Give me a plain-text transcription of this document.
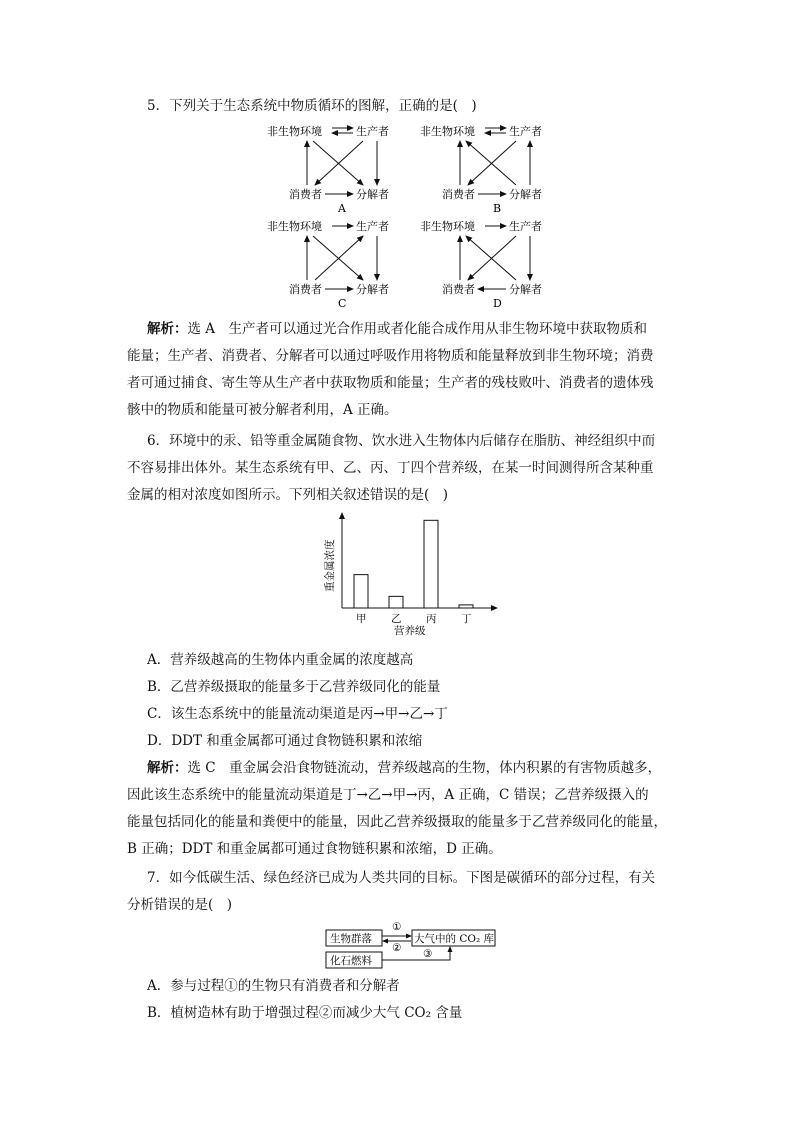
5．下列关于生态系统中物质循环的图解，正确的是(　)
非生物环境	生产者
消费者	分解者
A
非生物环境	生产者
消费者	分解者
B
非生物环境	生产者
消费者	分解者
C
非生物环境	生产者
消费者	分解者
D
解析：选 A　生产者可以通过光合作用或者化能合成作用从非生物环境中获取物质和
能量；生产者、消费者、分解者可以通过呼吸作用将物质和能量释放到非生物环境；消费
者可通过捕食、寄生等从生产者中获取物质和能量；生产者的残枝败叶、消费者的遗体残
骸中的物质和能量可被分解者利用，A 正确。
6．环境中的汞、铅等重金属随食物、饮水进入生物体内后储存在脂肪、神经组织中而
不容易排出体外。某生态系统有甲、乙、丙、丁四个营养级，在某一时间测得所含某种重
金属的相对浓度如图所示。下列相关叙述错误的是(　)
重金属浓度
甲 乙 丙 丁
营养级
A．营养级越高的生物体内重金属的浓度越高
B．乙营养级摄取的能量多于乙营养级同化的能量
C．该生态系统中的能量流动渠道是丙→甲→乙→丁
D．DDT 和重金属都可通过食物链积累和浓缩
解析：选 C　重金属会沿食物链流动，营养级越高的生物，体内积累的有害物质越多，
因此该生态系统中的能量流动渠道是丁→乙→甲→丙，A 正确，C 错误；乙营养级摄入的
能量包括同化的能量和粪便中的能量，因此乙营养级摄取的能量多于乙营养级同化的能量，
B 正确；DDT 和重金属都可通过食物链积累和浓缩，D 正确。
7．如今低碳生活、绿色经济已成为人类共同的目标。下图是碳循环的部分过程，有关
分析错误的是(　)
生物群落	大气中的 CO₂ 库
化石燃料
①
② ③
A．参与过程①的生物只有消费者和分解者
B．植树造林有助于增强过程②而减少大气 CO₂ 含量
